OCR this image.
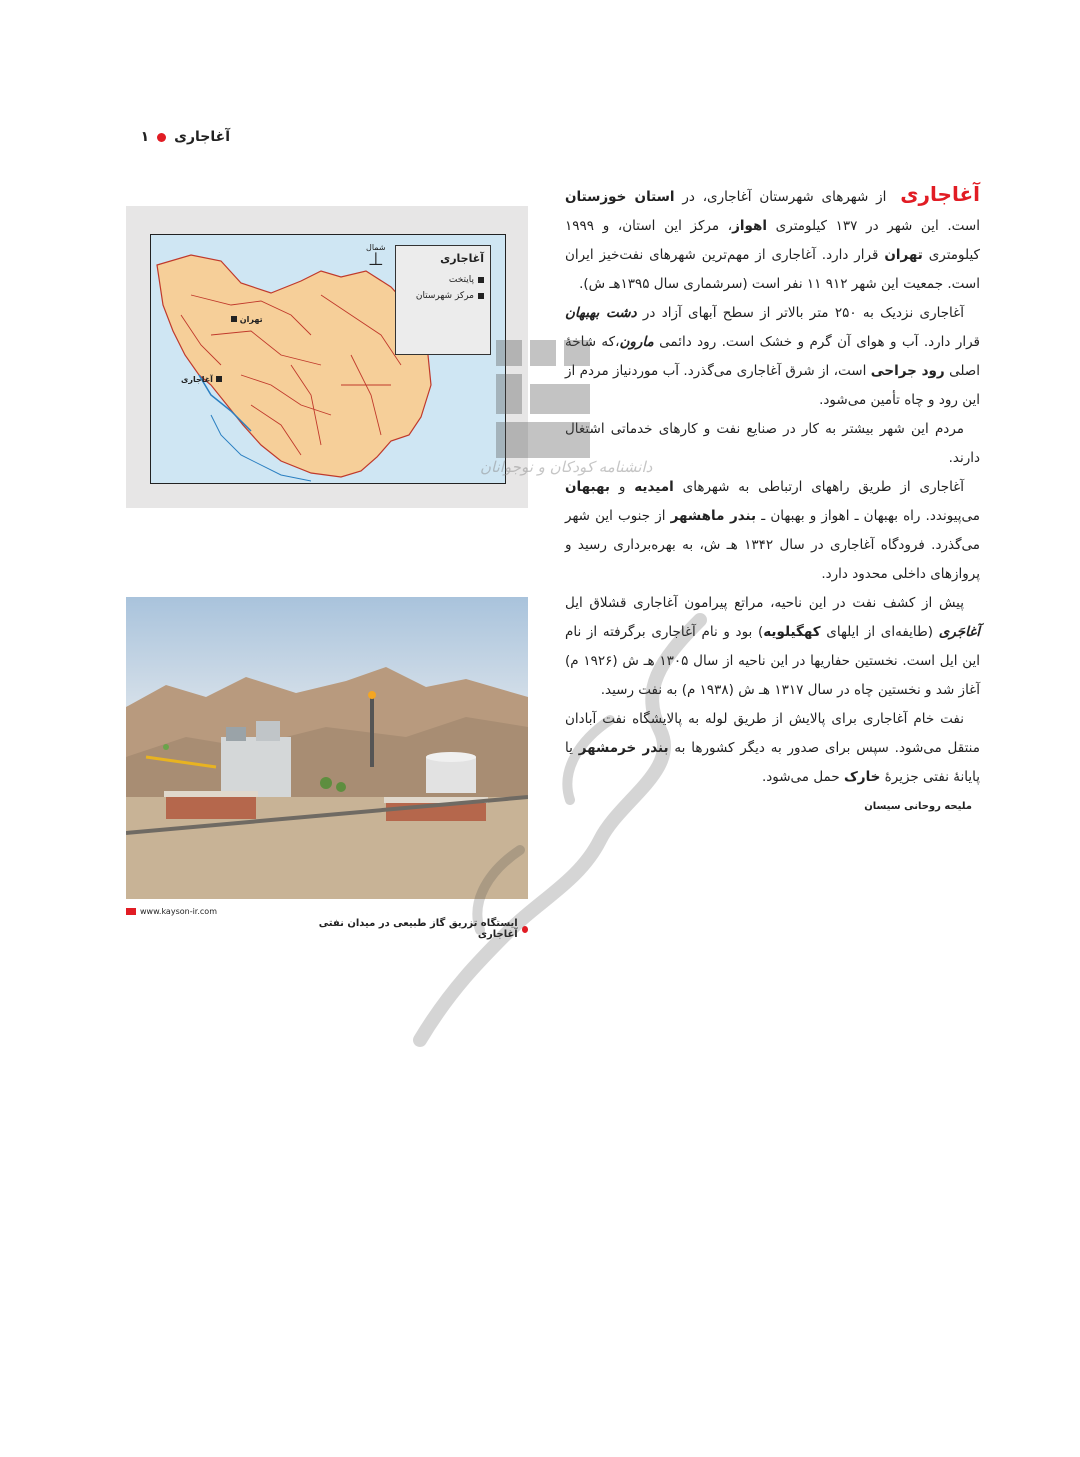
آغاجاری
۱
آغاجاری
پایتخت
مرکز شهرستان
شمال
⊥
تهران
آغاجاری
www.kayson-ir.com
ایستگاه تزریق گاز طبیعی در میدان نفتی آغاجاری

آغاجاری از شهرهای شهرستان آغاجاری، در استان خوزستان است. این شهر در ۱۳۷ کیلومتری اهواز، مرکز این استان، و ۱۹۹۹ کیلومتری تهران قرار دارد. آغاجاری از مهم‌ترین شهرهای نفت‌خیز ایران است. جمعیت این شهر ۹۱۲ ۱۱ نفر است (سرشماری سال ۱۳۹۵هـ ش).

آغاجاری نزدیک به ۲۵۰ متر بالاتر از سطح آبهای آزاد در دشت بهبهان قرار دارد. آب و هوای آن گرم و خشک است. رود دائمی مارون،که شاخهٔ اصلی رود جراحی است، از شرق آغاجاری می‌گذرد. آب موردنیاز مردم از این رود و چاه تأمین می‌شود.

مردم این شهر بیشتر به کار در صنایع نفت و کارهای خدماتی اشتغال دارند.

آغاجاری از طریق راههای ارتباطی به شهرهای امیدیه و بهبهان می‌پیوندد. راه بهبهان ـ اهواز و بهبهان ـ بندر ماهشهر از جنوب این شهر می‌گذرد. فرودگاه آغاجاری در سال ۱۳۴۲ هـ ش، به بهره‌برداری رسید و پروازهای داخلی محدود دارد.

پیش از کشف نفت در این ناحیه، مراتع پیرامون آغاجاری قشلاق ایل آغاجَری (طایفه‌ای از ایلهای کهگیلویه) بود و نام آغاجاری برگرفته از نام این ایل است. نخستین حفاریها در این ناحیه از سال ۱۳۰۵ هـ ش (۱۹۲۶ م) آغاز شد و نخستین چاه در سال ۱۳۱۷ هـ ش (۱۹۳۸ م) به نفت رسید.

نفت خام آغاجاری برای پالایش از طریق لوله به پالایشگاه نفت آبادان منتقل می‌شود. سپس برای صدور به دیگر کشورها به بندر خرمشهر یا پایانهٔ نفتی جزیرهٔ خارک حمل می‌شود.

ملیحه روحانی سیسان

دانشنامه کودکان و نوجوانان
